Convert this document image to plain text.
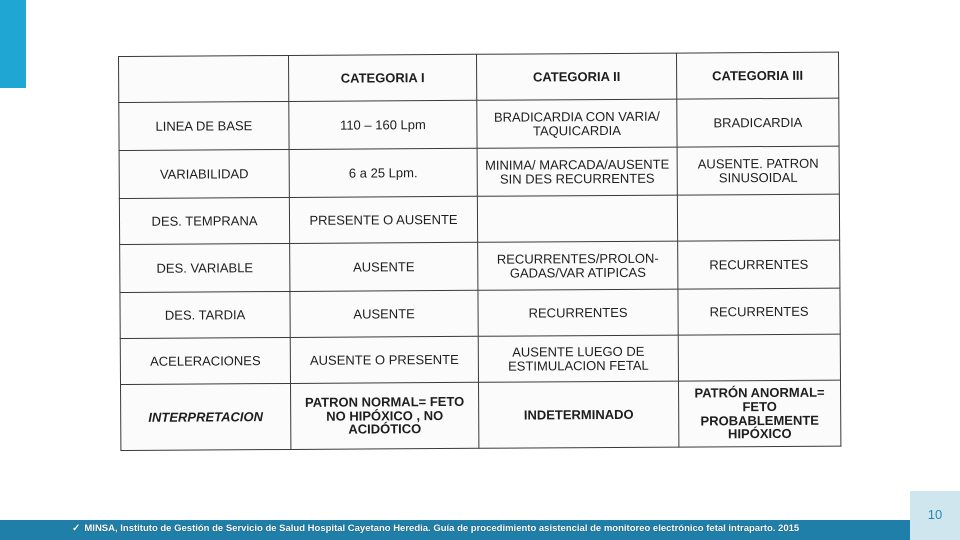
	CATEGORIA I	CATEGORIA II	CATEGORIA III
LINEA DE BASE	110 – 160 Lpm	BRADICARDIA CON VARIA/ TAQUICARDIA	BRADICARDIA
VARIABILIDAD	6 a 25 Lpm.	MINIMA/ MARCADA/AUSENTE SIN DES RECURRENTES	AUSENTE. PATRON SINUSOIDAL
DES. TEMPRANA	PRESENTE O AUSENTE		
DES. VARIABLE	AUSENTE	RECURRENTES/PROLON-GADAS/VAR ATIPICAS	RECURRENTES
DES. TARDIA	AUSENTE	RECURRENTES	RECURRENTES
ACELERACIONES	AUSENTE O PRESENTE	AUSENTE LUEGO DE ESTIMULACION FETAL	
INTERPRETACION	PATRON NORMAL= FETO NO HIPÓXICO , NO ACIDÓTICO	INDETERMINADO	PATRÓN ANORMAL= FETO PROBABLEMENTE HIPÓXICO
10
✓ MINSA, Instituto de Gestión de Servicio de Salud Hospital Cayetano Heredia. Guía de procedimiento asistencial de monitoreo electrónico fetal intraparto. 2015
